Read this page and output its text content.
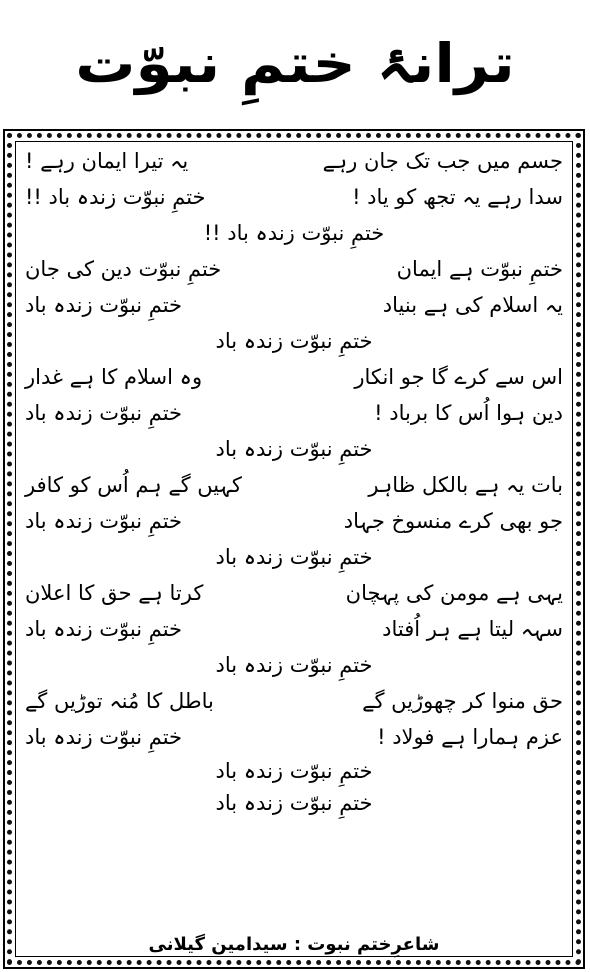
ترانۂ ختمِ نبوّت
جسم میں جب تک جان رہے
یہ تیرا ایمان رہے !
سدا رہے یہ تجھ کو یاد !
ختمِ نبوّت زندہ باد !!
ختمِ نبوّت زندہ باد !!
ختمِ نبوّت ہے ایمان
ختمِ نبوّت دین کی جان
یہ اسلام کی ہے بنیاد
ختمِ نبوّت زندہ باد
ختمِ نبوّت زندہ باد
اس سے کرے گا جو انکار
وہ اسلام کا ہے غدار
دین ہوا اُس کا برباد !
ختمِ نبوّت زندہ باد
ختمِ نبوّت زندہ باد
بات یہ ہے بالکل ظاہر
کہیں گے ہم اُس کو کافر
جو بھی کرے منسوخ جہاد
ختمِ نبوّت زندہ باد
ختمِ نبوّت زندہ باد
یہی ہے مومن کی پہچان
کرتا ہے حق کا اعلان
سہہ لیتا ہے ہر اُفتاد
ختمِ نبوّت زندہ باد
ختمِ نبوّت زندہ باد
حق منوا کر چھوڑیں گے
باطل کا مُنہ توڑیں گے
عزم ہمارا ہے فولاد !
ختمِ نبوّت زندہ باد
ختمِ نبوّت زندہ باد
ختمِ نبوّت زندہ باد
شاعرِختم نبوت : سیدامین گیلانی
